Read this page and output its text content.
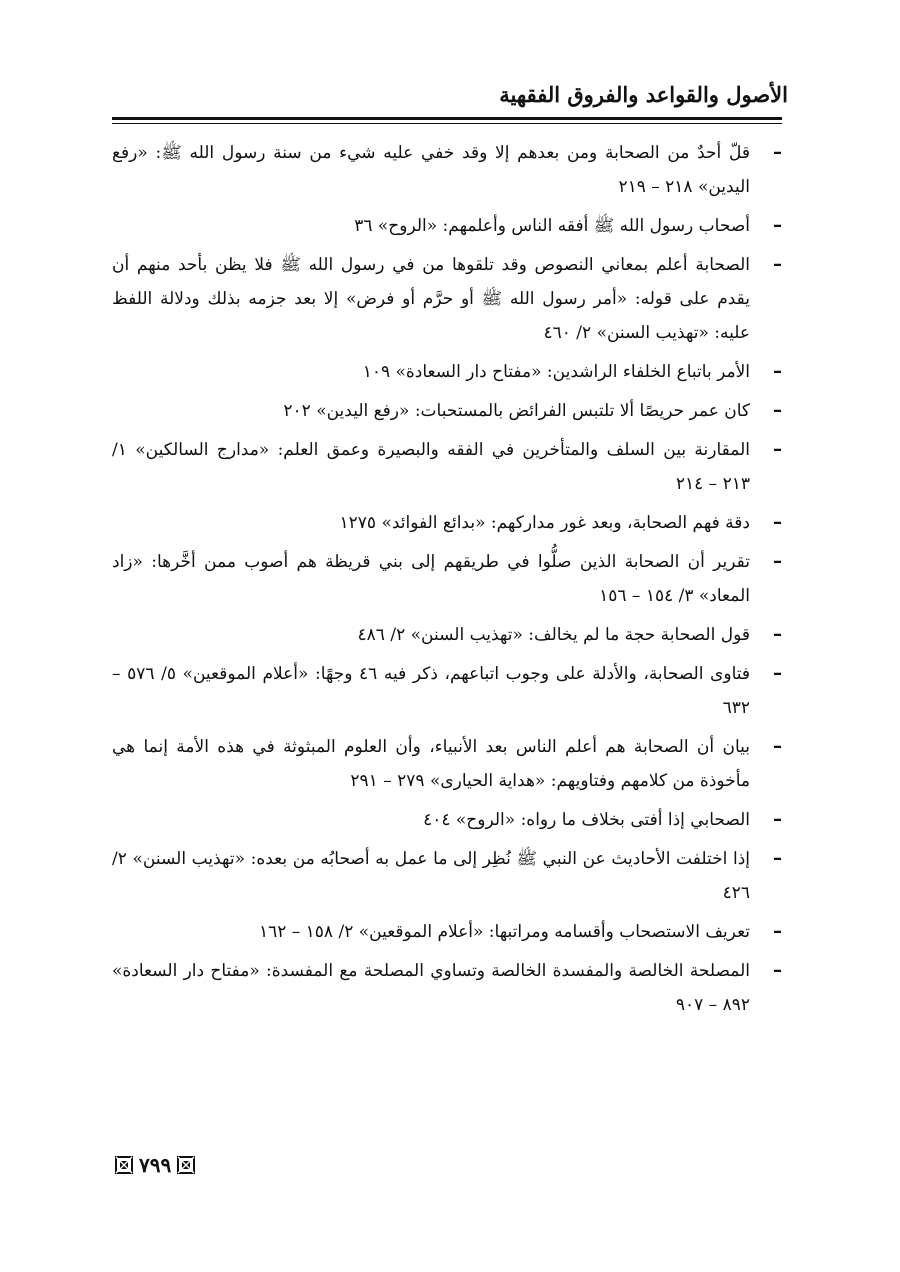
الأصول والقواعد والفروق الفقهية
–

قلّ أحدٌ من الصحابة ومن بعدهم إلا وقد خفي عليه شيء من سنة رسول الله ﷺ: «رفع اليدين» ٢١٨ – ٢١٩

–

أصحاب رسول الله ﷺ أفقه الناس وأعلمهم: «الروح» ٣٦

–

الصحابة أعلم بمعاني النصوص وقد تلقوها من في رسول الله ﷺ فلا يظن بأحد منهم أن يقدم على قوله: «أمر رسول الله ﷺ أو حرَّم أو فرض» إلا بعد جزمه بذلك ودلالة اللفظ عليه: «تهذيب السنن» ٢/ ٤٦٠

–

الأمر باتباع الخلفاء الراشدين: «مفتاح دار السعادة» ١٠٩

–

كان عمر حريصًا ألا تلتبس الفرائض بالمستحبات: «رفع اليدين» ٢٠٢

–

المقارنة بين السلف والمتأخرين في الفقه والبصيرة وعمق العلم: «مدارج السالكين» ١/ ٢١٣ – ٢١٤

–

دقة فهم الصحابة، وبعد غور مداركهم: «بدائع الفوائد» ١٢٧٥

–

تقرير أن الصحابة الذين صلُّوا في طريقهم إلى بني قريظة هم أصوب ممن أخَّرها: «زاد المعاد» ٣/ ١٥٤ – ١٥٦

–

قول الصحابة حجة ما لم يخالف: «تهذيب السنن» ٢/ ٤٨٦

–

فتاوى الصحابة، والأدلة على وجوب اتباعهم، ذكر فيه ٤٦ وجهًا: «أعلام الموقعين» ٥/ ٥٧٦ – ٦٣٢

–

بيان أن الصحابة هم أعلم الناس بعد الأنبياء، وأن العلوم المبثوثة في هذه الأمة إنما هي مأخوذة من كلامهم وفتاويهم: «هداية الحيارى» ٢٧٩ – ٢٩١

–

الصحابي إذا أفتى بخلاف ما رواه: «الروح» ٤٠٤

–

إذا اختلفت الأحاديث عن النبي ﷺ نُظِر إلى ما عمل به أصحابُه من بعده: «تهذيب السنن» ٢/ ٤٢٦

–

تعريف الاستصحاب وأقسامه ومراتبها: «أعلام الموقعين» ٢/ ١٥٨ – ١٦٢

–

المصلحة الخالصة والمفسدة الخالصة وتساوي المصلحة مع المفسدة: «مفتاح دار السعادة» ٨٩٢ – ٩٠٧

٧٩٩
